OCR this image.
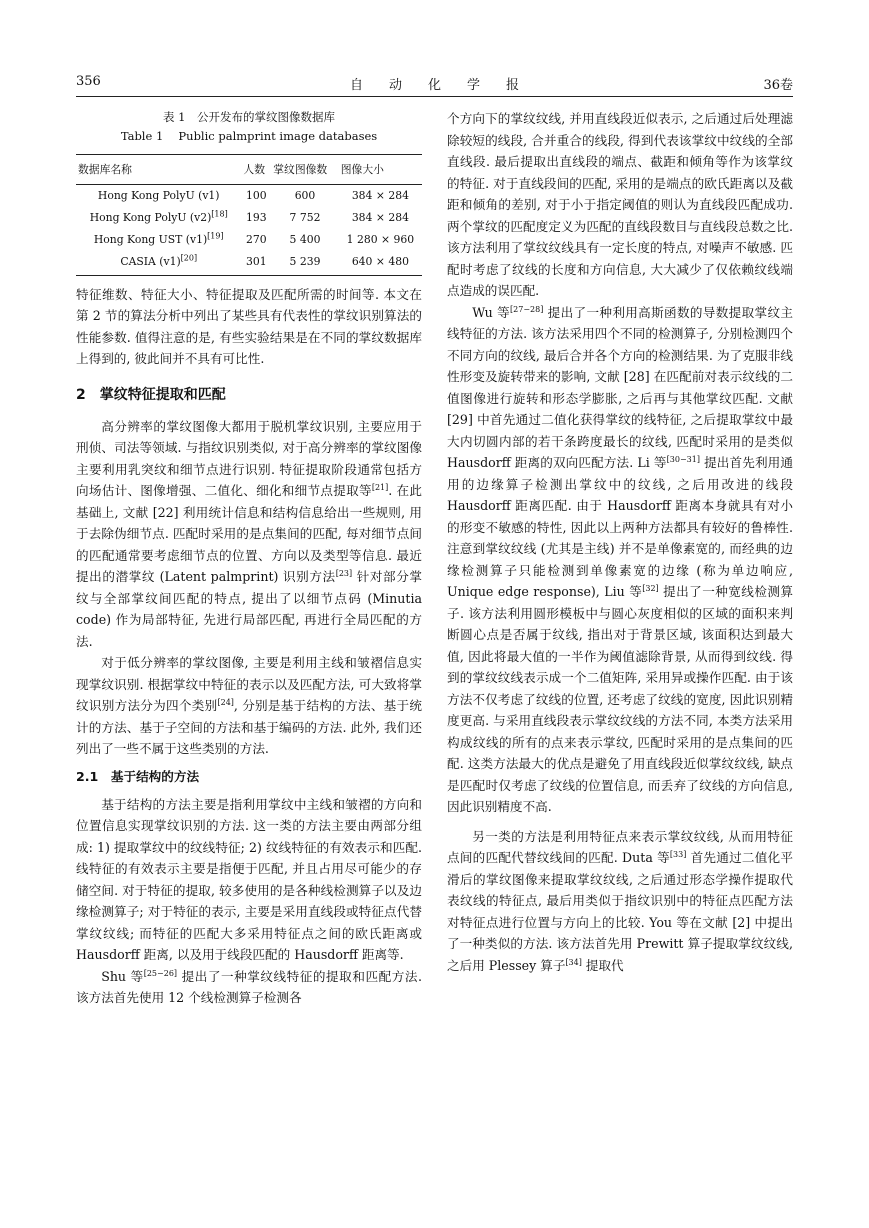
356	自动化学报	36卷

表 1　公开发布的掌纹图像数据库

Table 1　 Public palmprint image databases

数据库名称	人数	掌纹图像数	图像大小
Hong Kong PolyU (v1)	100	600	384 × 284
Hong Kong PolyU (v2)[18]	193	7 752	384 × 284
Hong Kong UST (v1)[19]	270	5 400	1 280 × 960
CASIA (v1)[20]	301	5 239	640 × 480

特征维数、特征大小、特征提取及匹配所需的时间等. 本文在第 2 节的算法分析中列出了某些具有代表性的掌纹识别算法的性能参数. 值得注意的是, 有些实验结果是在不同的掌纹数据库上得到的, 彼此间并不具有可比性.

2　掌纹特征提取和匹配

高分辨率的掌纹图像大都用于脱机掌纹识别, 主要应用于刑侦、司法等领域. 与指纹识别类似, 对于高分辨率的掌纹图像主要利用乳突纹和细节点进行识别. 特征提取阶段通常包括方向场估计、图像增强、二值化、细化和细节点提取等[21]. 在此基础上, 文献 [22] 利用统计信息和结构信息给出一些规则, 用于去除伪细节点. 匹配时采用的是点集间的匹配, 每对细节点间的匹配通常要考虑细节点的位置、方向以及类型等信息. 最近提出的潜掌纹 (Latent palmprint) 识别方法[23] 针对部分掌纹与全部掌纹间匹配的特点, 提出了以细节点码 (Minutia code) 作为局部特征, 先进行局部匹配, 再进行全局匹配的方法.

对于低分辨率的掌纹图像, 主要是利用主线和皱褶信息实现掌纹识别. 根据掌纹中特征的表示以及匹配方法, 可大致将掌纹识别方法分为四个类别[24], 分别是基于结构的方法、基于统计的方法、基于子空间的方法和基于编码的方法. 此外, 我们还列出了一些不属于这些类别的方法.

2.1　基于结构的方法

基于结构的方法主要是指利用掌纹中主线和皱褶的方向和位置信息实现掌纹识别的方法. 这一类的方法主要由两部分组成: 1) 提取掌纹中的纹线特征; 2) 纹线特征的有效表示和匹配. 线特征的有效表示主要是指便于匹配, 并且占用尽可能少的存储空间. 对于特征的提取, 较多使用的是各种线检测算子以及边缘检测算子; 对于特征的表示, 主要是采用直线段或特征点代替掌纹纹线; 而特征的匹配大多采用特征点之间的欧氏距离或 Hausdorff 距离, 以及用于线段匹配的 Hausdorff 距离等.

Shu 等[25−26] 提出了一种掌纹线特征的提取和匹配方法. 该方法首先使用 12 个线检测算子检测各

个方向下的掌纹纹线, 并用直线段近似表示, 之后通过后处理滤除较短的线段, 合并重合的线段, 得到代表该掌纹中纹线的全部直线段. 最后提取出直线段的端点、截距和倾角等作为该掌纹的特征. 对于直线段间的匹配, 采用的是端点的欧氏距离以及截距和倾角的差别, 对于小于指定阈值的则认为直线段匹配成功. 两个掌纹的匹配度定义为匹配的直线段数目与直线段总数之比. 该方法利用了掌纹纹线具有一定长度的特点, 对噪声不敏感. 匹配时考虑了纹线的长度和方向信息, 大大减少了仅依赖纹线端点造成的误匹配.

Wu 等[27−28] 提出了一种利用高斯函数的导数提取掌纹主线特征的方法. 该方法采用四个不同的检测算子, 分别检测四个不同方向的纹线, 最后合并各个方向的检测结果. 为了克服非线性形变及旋转带来的影响, 文献 [28] 在匹配前对表示纹线的二值图像进行旋转和形态学膨胀, 之后再与其他掌纹匹配. 文献 [29] 中首先通过二值化获得掌纹的线特征, 之后提取掌纹中最大内切圆内部的若干条跨度最长的纹线, 匹配时采用的是类似 Hausdorff 距离的双向匹配方法. Li 等[30−31] 提出首先利用通用的边缘算子检测出掌纹中的纹线, 之后用改进的线段 Hausdorff 距离匹配. 由于 Hausdorff 距离本身就具有对小的形变不敏感的特性, 因此以上两种方法都具有较好的鲁棒性. 注意到掌纹纹线 (尤其是主线) 并不是单像素宽的, 而经典的边缘检测算子只能检测到单像素宽的边缘 (称为单边响应, Unique edge response), Liu 等[32] 提出了一种宽线检测算子. 该方法利用圆形模板中与圆心灰度相似的区域的面积来判断圆心点是否属于纹线, 指出对于背景区域, 该面积达到最大值, 因此将最大值的一半作为阈值滤除背景, 从而得到纹线. 得到的掌纹纹线表示成一个二值矩阵, 采用异或操作匹配. 由于该方法不仅考虑了纹线的位置, 还考虑了纹线的宽度, 因此识别精度更高. 与采用直线段表示掌纹纹线的方法不同, 本类方法采用构成纹线的所有的点来表示掌纹, 匹配时采用的是点集间的匹配. 这类方法最大的优点是避免了用直线段近似掌纹纹线, 缺点是匹配时仅考虑了纹线的位置信息, 而丢弃了纹线的方向信息, 因此识别精度不高.

另一类的方法是利用特征点来表示掌纹纹线, 从而用特征点间的匹配代替纹线间的匹配. Duta 等[33] 首先通过二值化平滑后的掌纹图像来提取掌纹纹线, 之后通过形态学操作提取代表纹线的特征点, 最后用类似于指纹识别中的特征点匹配方法对特征点进行位置与方向上的比较. You 等在文献 [2] 中提出了一种类似的方法. 该方法首先用 Prewitt 算子提取掌纹纹线, 之后用 Plessey 算子[34] 提取代
